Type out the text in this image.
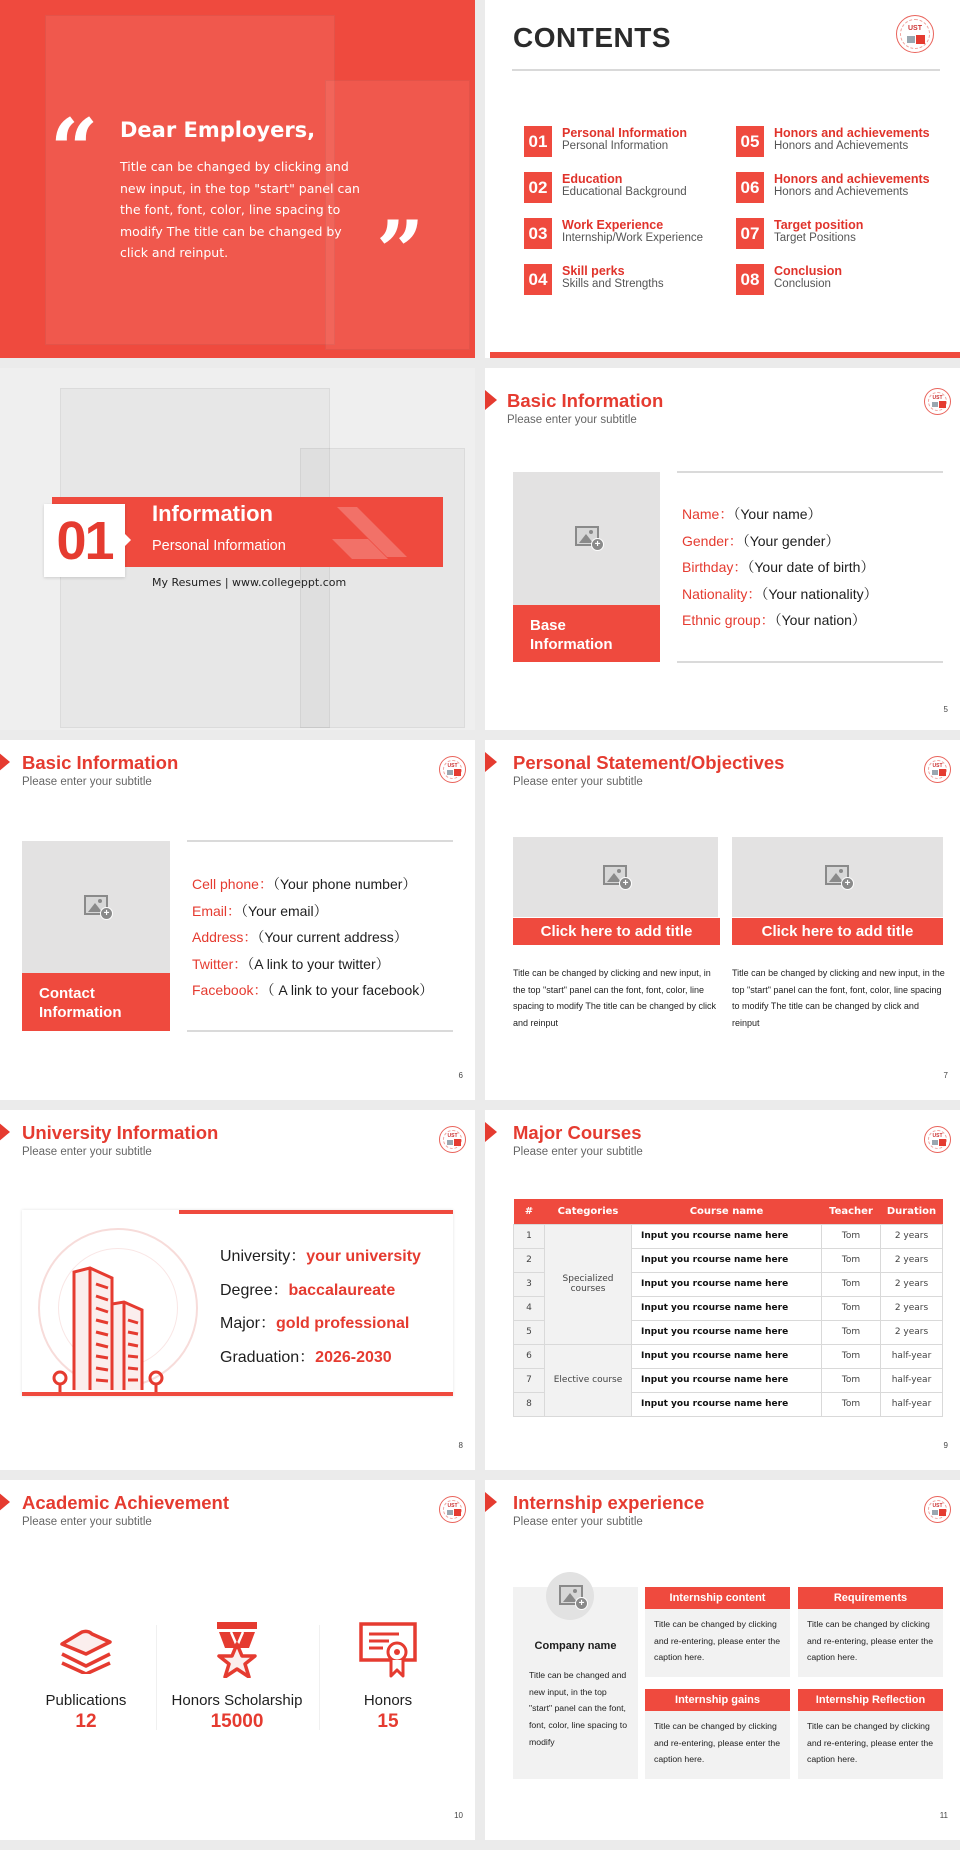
“ Dear Employers,

Title can be changed by clicking and new input, in the top "start" panel can the font, font, color, line spacing to modify The title can be changed by click and reinput.	”
CONTENTS	UST
01	Personal Information
Personal Information
02	Education
Educational Background
03	Work Experience
Internship/Work Experience
04	Skill perks
Skills and Strengths
05	Honors and achievements
Honors and Achievements
06	Honors and achievements
Honors and Achievements
07	Target position
Target Positions
08	Conclusion
Conclusion
01	Information
Personal Information
My Resumes | www.collegeppt.com
Basic Information
Please enter your subtitle
UST
+
Base
Information
Name：（Your name）
Gender：（Your gender）
Birthday：（Your date of birth）
Nationality：（Your nationality）
Ethnic group：（Your nation）
5
Basic Information
Please enter your subtitle
UST
+
Contact
Information
Cell phone：（Your phone number）
Email：（Your email）
Address：（Your current address）
Twitter：（A link to your twitter）
Facebook：（ A link to your facebook）
6
Personal Statement/Objectives
Please enter your subtitle
UST
+
Click here to add title
Title can be changed by clicking and new input, in the top "start" panel can the font, font, color, line spacing to modify The title can be changed by click and reinput
+
Click here to add title
Title can be changed by clicking and new input, in the top "start" panel can the font, font, color, line spacing to modify The title can be changed by click and reinput
7
University Information
Please enter your subtitle
UST
University：your university
Degree：baccalaureate
Major：gold professional
Graduation：2026-2030
8
Major Courses
Please enter your subtitle
UST
#	Categories	Course name	Teacher	Duration
1	Specialized courses	Input you rcourse name here	Tom	2 years
2		Input you rcourse name here	Tom	2 years
3		Input you rcourse name here	Tom	2 years
4		Input you rcourse name here	Tom	2 years
5		Input you rcourse name here	Tom	2 years
6	Elective course	Input you rcourse name here	Tom	half-year
7		Input you rcourse name here	Tom	half-year
8		Input you rcourse name here	Tom	half-year
9
Academic Achievement
Please enter your subtitle
UST
Publications
12
Honors Scholarship
15000
Honors
15
10
Internship experience
Please enter your subtitle
UST
+
Company name
Title can be changed and new input, in the top "start" panel can the font, font, color, line spacing to modify
Internship content
Title can be changed by clicking and re-entering, please enter the caption here.
Requirements
Title can be changed by clicking and re-entering, please enter the caption here.
Internship gains
Title can be changed by clicking and re-entering, please enter the caption here.
Internship Reflection
Title can be changed by clicking and re-entering, please enter the caption here.
11
